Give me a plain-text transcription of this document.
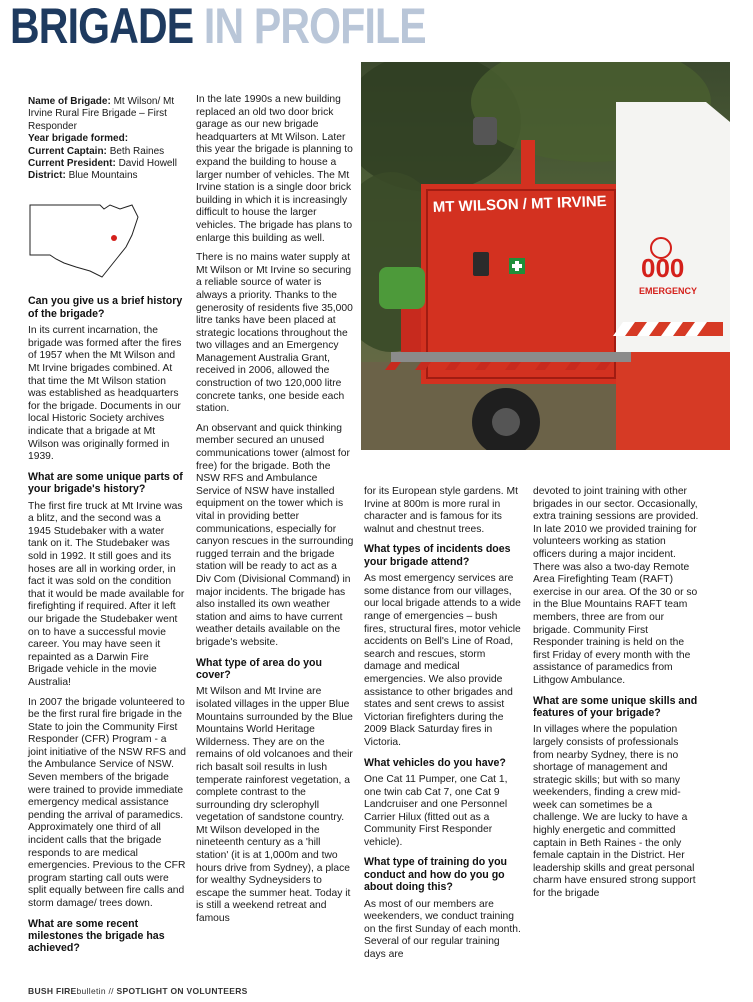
BRIGADE IN PROFILE
Name of Brigade: Mt Wilson/ Mt Irvine Rural Fire Brigade – First Responder
Year brigade formed:
Current Captain: Beth Raines
Current President: David Howell
District: Blue Mountains
Can you give us a brief history of the brigade?

In its current incarnation, the brigade was formed after the fires of 1957 when the Mt Wilson and Mt Irvine brigades combined. At that time the Mt Wilson station was established as headquarters for the brigade. Documents in our local Historic Society archives indicate that a brigade at Mt Wilson was originally formed in 1939.

What are some unique parts of your brigade's history?

The first fire truck at Mt Irvine was a blitz, and the second was a 1945 Studebaker with a water tank on it. The Studebaker was sold in 1992. It still goes and its hoses are all in working order, in fact it was sold on the condition that it would be made available for firefighting if required. After it left our brigade the Studebaker went on to have a successful movie career. You may have seen it repainted as a Darwin Fire Brigade vehicle in the movie Australia!

In 2007 the brigade volunteered to be the first rural fire brigade in the State to join the Community First Responder (CFR) Program - a joint initiative of the NSW RFS and the Ambulance Service of NSW. Seven members of the brigade were trained to provide immediate emergency medical assistance pending the arrival of paramedics. Approximately one third of all incident calls that the brigade responds to are medical emergencies. Previous to the CFR program starting call outs were split equally between fire calls and storm damage/ trees down.

What are some recent milestones the brigade has achieved?

In the late 1990s a new building replaced an old two door brick garage as our new brigade headquarters at Mt Wilson. Later this year the brigade is planning to expand the building to house a larger number of vehicles. The Mt Irvine station is a single door brick building in which it is increasingly difficult to house the larger vehicles. The brigade has plans to enlarge this building as well.

There is no mains water supply at Mt Wilson or Mt Irvine so securing a reliable source of water is always a priority. Thanks to the generosity of residents five 35,000 litre tanks have been placed at strategic locations throughout the two villages and an Emergency Management Australia Grant, received in 2006, allowed the construction of two 120,000 litre concrete tanks, one beside each station.

An observant and quick thinking member secured an unused communications tower (almost for free) for the brigade. Both the NSW RFS and Ambulance Service of NSW have installed equipment on the tower which is vital in providing better communications, especially for canyon rescues in the surrounding rugged terrain and the brigade station will be ready to act as a Div Com (Divisional Command) in major incidents. The brigade has also installed its own weather station and aims to have current weather details available on the brigade's website.

What type of area do you cover?

Mt Wilson and Mt Irvine are isolated villages in the upper Blue Mountains surrounded by the Blue Mountains World Heritage Wilderness. They are on the remains of old volcanoes and their rich basalt soil results in lush temperate rainforest vegetation, a complete contrast to the surrounding dry sclerophyll vegetation of sandstone country. Mt Wilson developed in the nineteenth century as a 'hill station' (it is at 1,000m and two hours drive from Sydney), a place for wealthy Sydneysiders to escape the summer heat. Today it is still a weekend retreat and famous

MT WILSON / MT IRVINE
000
EMERGENCY

for its European style gardens. Mt Irvine at 800m is more rural in character and is famous for its walnut and chestnut trees.

What types of incidents does your brigade attend?

As most emergency services are some distance from our villages, our local brigade attends to a wide range of emergencies – bush fires, structural fires, motor vehicle accidents on Bell's Line of Road, search and rescues, storm damage and medical emergencies. We also provide assistance to other brigades and states and sent crews to assist Victorian firefighters during the 2009 Black Saturday fires in Victoria.

What vehicles do you have?

One Cat 11 Pumper, one Cat 1, one twin cab Cat 7, one Cat 9 Landcruiser and one Personnel Carrier Hilux (fitted out as a Community First Responder vehicle).

What type of training do you conduct and how do you go about doing this?

As most of our members are weekenders, we conduct training on the first Sunday of each month. Several of our regular training days are

devoted to joint training with other brigades in our sector. Occasionally, extra training sessions are provided. In late 2010 we provided training for volunteers working as station officers during a major incident. There was also a two-day Remote Area Firefighting Team (RAFT) exercise in our area. Of the 30 or so in the Blue Mountains RAFT team members, three are from our brigade. Community First Responder training is held on the first Friday of every month with the assistance of paramedics from Lithgow Ambulance.

What are some unique skills and features of your brigade?

In villages where the population largely consists of professionals from nearby Sydney, there is no shortage of management and strategic skills; but with so many weekenders, finding a crew mid-week can sometimes be a challenge. We are lucky to have a highly energetic and committed captain in Beth Raines - the only female captain in the District. Her leadership skills and great personal charm have ensured strong support for the brigade

BUSH FIREbulletin // SPOTLIGHT ON VOLUNTEERS
